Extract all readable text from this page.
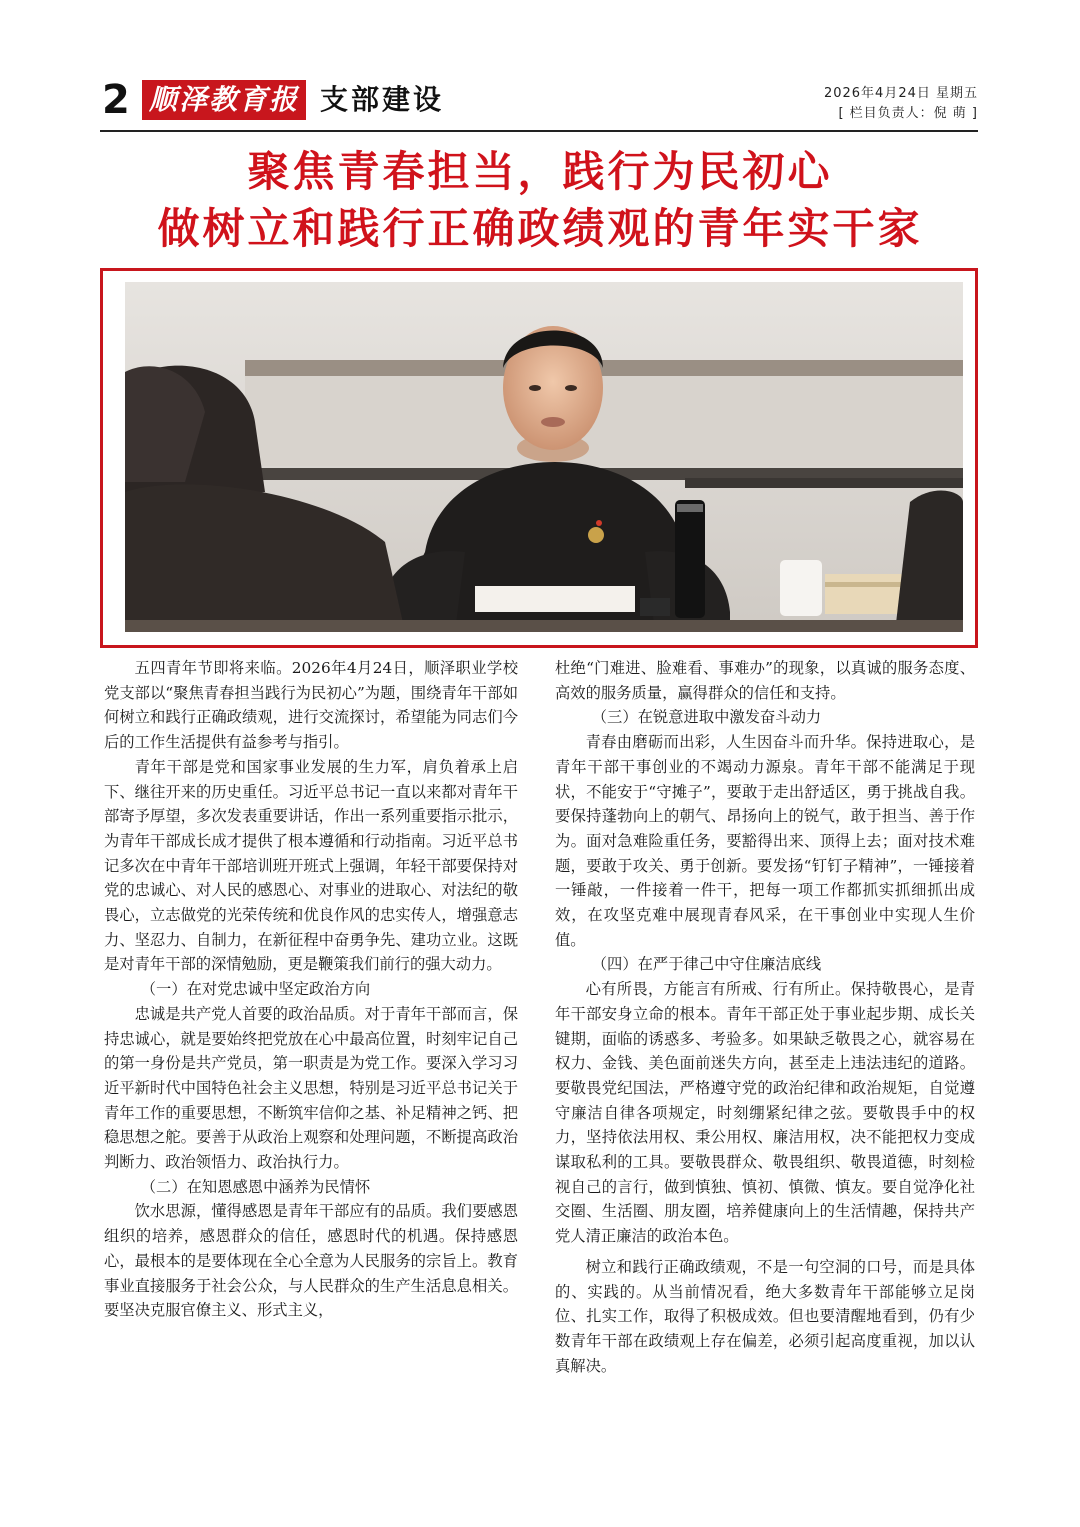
2 顺泽教育报 支部建设	2026年4月24日 星期五
[ 栏目负责人：倪 萌 ]
聚焦青春担当，践行为民初心
做树立和践行正确政绩观的青年实干家

五四青年节即将来临。2026年4月24日，顺泽职业学校党支部以“聚焦青春担当践行为民初心”为题，围绕青年干部如何树立和践行正确政绩观，进行交流探讨，希望能为同志们今后的工作生活提供有益参考与指引。

青年干部是党和国家事业发展的生力军，肩负着承上启下、继往开来的历史重任。习近平总书记一直以来都对青年干部寄予厚望，多次发表重要讲话，作出一系列重要指示批示，为青年干部成长成才提供了根本遵循和行动指南。习近平总书记多次在中青年干部培训班开班式上强调，年轻干部要保持对党的忠诚心、对人民的感恩心、对事业的进取心、对法纪的敬畏心，立志做党的光荣传统和优良作风的忠实传人，增强意志力、坚忍力、自制力，在新征程中奋勇争先、建功立业。这既是对青年干部的深情勉励，更是鞭策我们前行的强大动力。

（一）在对党忠诚中坚定政治方向

忠诚是共产党人首要的政治品质。对于青年干部而言，保持忠诚心，就是要始终把党放在心中最高位置，时刻牢记自己的第一身份是共产党员，第一职责是为党工作。要深入学习习近平新时代中国特色社会主义思想，特别是习近平总书记关于青年工作的重要思想，不断筑牢信仰之基、补足精神之钙、把稳思想之舵。要善于从政治上观察和处理问题，不断提高政治判断力、政治领悟力、政治执行力。

（二）在知恩感恩中涵养为民情怀

饮水思源，懂得感恩是青年干部应有的品质。我们要感恩组织的培养，感恩群众的信任，感恩时代的机遇。保持感恩心，最根本的是要体现在全心全意为人民服务的宗旨上。教育事业直接服务于社会公众，与人民群众的生产生活息息相关。要坚决克服官僚主义、形式主义，

杜绝“门难进、脸难看、事难办”的现象，以真诚的服务态度、高效的服务质量，赢得群众的信任和支持。

（三）在锐意进取中激发奋斗动力

青春由磨砺而出彩，人生因奋斗而升华。保持进取心，是青年干部干事创业的不竭动力源泉。青年干部不能满足于现状，不能安于“守摊子”，要敢于走出舒适区，勇于挑战自我。要保持蓬勃向上的朝气、昂扬向上的锐气，敢于担当、善于作为。面对急难险重任务，要豁得出来、顶得上去；面对技术难题，要敢于攻关、勇于创新。要发扬“钉钉子精神”，一锤接着一锤敲，一件接着一件干，把每一项工作都抓实抓细抓出成效，在攻坚克难中展现青春风采，在干事创业中实现人生价值。

（四）在严于律己中守住廉洁底线

心有所畏，方能言有所戒、行有所止。保持敬畏心，是青年干部安身立命的根本。青年干部正处于事业起步期、成长关键期，面临的诱惑多、考验多。如果缺乏敬畏之心，就容易在权力、金钱、美色面前迷失方向，甚至走上违法违纪的道路。要敬畏党纪国法，严格遵守党的政治纪律和政治规矩，自觉遵守廉洁自律各项规定，时刻绷紧纪律之弦。要敬畏手中的权力，坚持依法用权、秉公用权、廉洁用权，决不能把权力变成谋取私利的工具。要敬畏群众、敬畏组织、敬畏道德，时刻检视自己的言行，做到慎独、慎初、慎微、慎友。要自觉净化社交圈、生活圈、朋友圈，培养健康向上的生活情趣，保持共产党人清正廉洁的政治本色。

树立和践行正确政绩观，不是一句空洞的口号，而是具体的、实践的。从当前情况看，绝大多数青年干部能够立足岗位、扎实工作，取得了积极成效。但也要清醒地看到，仍有少数青年干部在政绩观上存在偏差，必须引起高度重视，加以认真解决。
